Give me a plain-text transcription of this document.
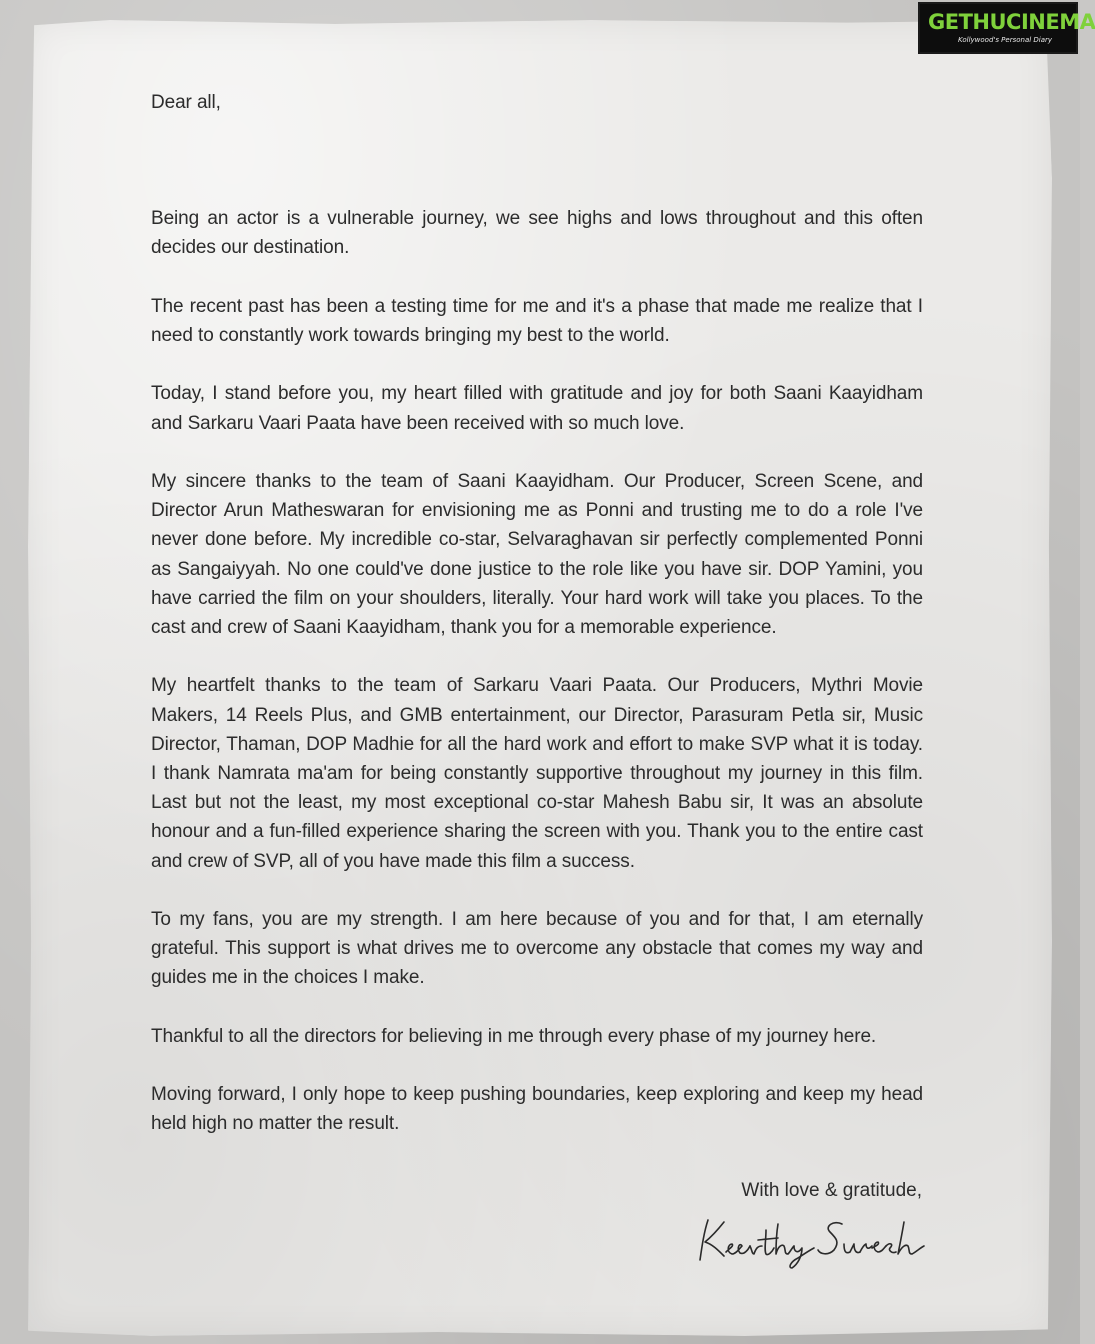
Dear all,

Being an actor is a vulnerable journey, we see highs and lows throughout and this often decides our destination.

The recent past has been a testing time for me and it's a phase that made me realize that I need to constantly work towards bringing my best to the world.

Today, I stand before you, my heart filled with gratitude and joy for both Saani Kaayidham and Sarkaru Vaari Paata have been received with so much love.

My sincere thanks to the team of Saani Kaayidham. Our Producer, Screen Scene, and Director Arun Matheswaran for envisioning me as Ponni and trusting me to do a role I've never done before. My incredible co-star, Selvaraghavan sir perfectly complemented Ponni as Sangaiyyah. No one could've done justice to the role like you have sir. DOP Yamini, you have carried the film on your shoulders, literally. Your hard work will take you places. To the cast and crew of Saani Kaayidham, thank you for a memorable experience.

My heartfelt thanks to the team of Sarkaru Vaari Paata. Our Producers, Mythri Movie Makers, 14 Reels Plus, and GMB entertainment, our Director, Parasuram Petla sir, Music Director, Thaman, DOP Madhie for all the hard work and effort to make SVP what it is today. I thank Namrata ma'am for being constantly supportive throughout my journey in this film. Last but not the least, my most exceptional co-star Mahesh Babu sir, It was an absolute honour and a fun-filled experience sharing the screen with you. Thank you to the entire cast and crew of SVP, all of you have made this film a success.

To my fans, you are my strength. I am here because of you and for that, I am eternally grateful. This support is what drives me to overcome any obstacle that comes my way and guides me in the choices I make.

Thankful to all the directors for believing in me through every phase of my journey here.

Moving forward, I only hope to keep pushing boundaries, keep exploring and keep my head held high no matter the result.

With love & gratitude,
GETHUCINEMA
Kollywood's Personal Diary
